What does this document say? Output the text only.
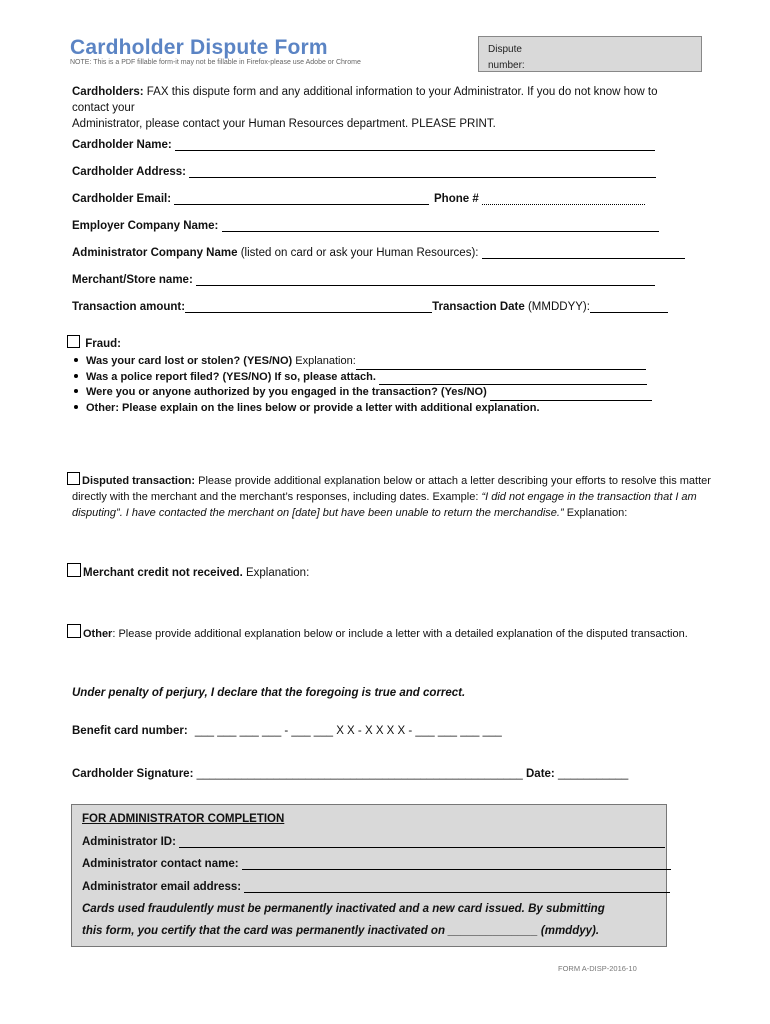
Cardholder Dispute Form
NOTE: This is a PDF fillable form-it may not be fillable in Firefox-please use Adobe or Chrome
Dispute
number:
Cardholders: FAX this dispute form and any additional information to your Administrator. If you do not know how to contact your
Administrator, please contact your Human Resources department. PLEASE PRINT.
Cardholder Name:
Cardholder Address:
Cardholder Email:	Phone #
Employer Company Name:
Administrator Company Name (listed on card or ask your Human Resources):
Merchant/Store name:
Transaction amount:	Transaction Date (MMDDYY):
Fraud:
Was your card lost or stolen? (YES/NO) Explanation:
Was a police report filed? (YES/NO) If so, please attach.
Were you or anyone authorized by you engaged in the transaction? (Yes/NO)
Other: Please explain on the lines below or provide a letter with additional explanation.
Disputed transaction: Please provide additional explanation below or attach a letter describing your efforts to resolve this matter
directly with the merchant and the merchant’s responses, including dates. Example: “I did not engage in the transaction that I am
disputing”. I have contacted the merchant on [date] but have been unable to return the merchandise.” Explanation:
Merchant credit not received. Explanation:
Other: Please provide additional explanation below or include a letter with a detailed explanation of the disputed transaction.
Under penalty of perjury, I declare that the foregoing is true and correct.
Benefit card number: ___ ___ ___ ___ - ___ ___ X X - X X X X - ___ ___ ___ ___
Cardholder Signature: ___________________________________________________ Date: ___________
FOR ADMINISTRATOR COMPLETION
Administrator ID:
Administrator contact name:
Administrator email address:
Cards used fraudulently must be permanently inactivated and a new card issued. By submitting
this form, you certify that the card was permanently inactivated on ______________ (mmddyy).
FORM A-DISP-2016-10
